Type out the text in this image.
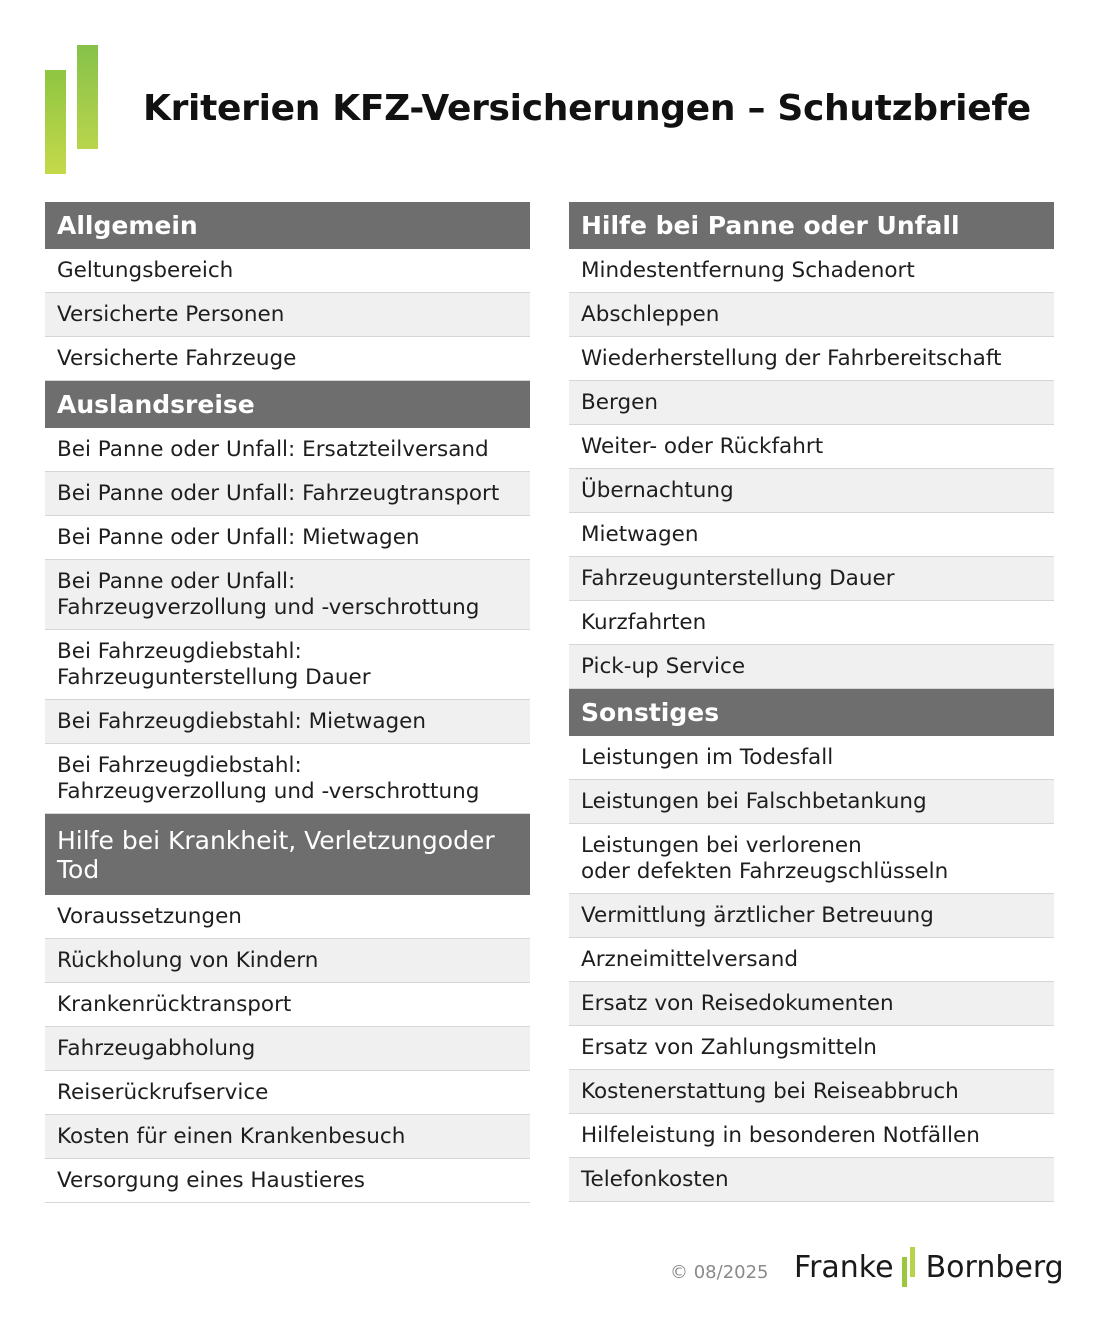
Kriterien KFZ-Versicherungen – Schutzbriefe
Allgemein
Geltungsbereich
Versicherte Personen
Versicherte Fahrzeuge
Auslandsreise
Bei Panne oder Unfall: Ersatzteilversand
Bei Panne oder Unfall: Fahrzeugtransport
Bei Panne oder Unfall: Mietwagen
Bei Panne oder Unfall:
Fahrzeugverzollung und -verschrottung
Bei Fahrzeugdiebstahl:
Fahrzeugunterstellung Dauer
Bei Fahrzeugdiebstahl: Mietwagen
Bei Fahrzeugdiebstahl:
Fahrzeugverzollung und -verschrottung
Hilfe bei Krankheit, Verletzungoder Tod
Voraussetzungen
Rückholung von Kindern
Krankenrücktransport
Fahrzeugabholung
Reiserückrufservice
Kosten für einen Krankenbesuch
Versorgung eines Haustieres
Hilfe bei Panne oder Unfall
Mindestentfernung Schadenort
Abschleppen
Wiederherstellung der Fahrbereitschaft
Bergen
Weiter- oder Rückfahrt
Übernachtung
Mietwagen
Fahrzeugunterstellung Dauer
Kurzfahrten
Pick-up Service
Sonstiges
Leistungen im Todesfall
Leistungen bei Falschbetankung
Leistungen bei verlorenen
oder defekten Fahrzeugschlüsseln
Vermittlung ärztlicher Betreuung
Arzneimittelversand
Ersatz von Reisedokumenten
Ersatz von Zahlungsmitteln
Kostenerstattung bei Reiseabbruch
Hilfeleistung in besonderen Notfällen
Telefonkosten
© 08/2025 Franke Bornberg
